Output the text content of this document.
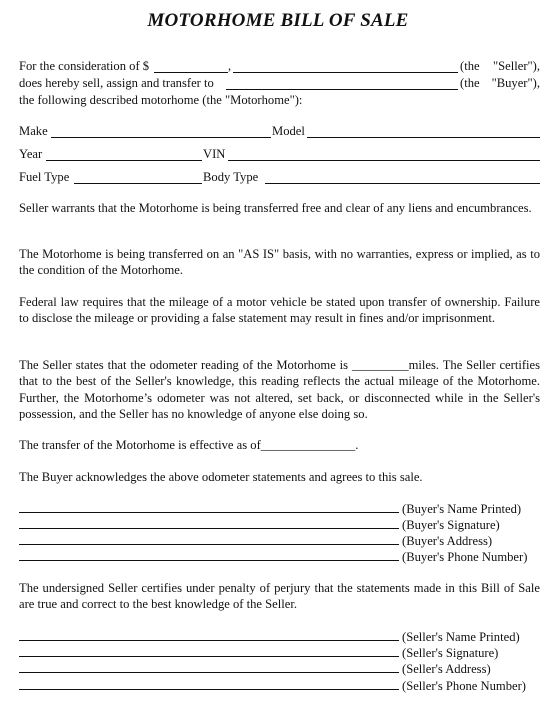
MOTORHOME BILL OF SALE
For the consideration of $	,	(the "Seller"),
does hereby sell, assign and transfer to	(the "Buyer"),
the following described motorhome (the "Motorhome"):
Make	Model
Year	VIN
Fuel Type	Body Type

Seller warrants that the Motorhome is being transferred free and clear of any liens and encumbrances.

The Motorhome is being transferred on an "AS IS" basis, with no warranties, express or implied, as to the condition of the Motorhome.

Federal law requires that the mileage of a motor vehicle be stated upon transfer of ownership. Failure to disclose the mileage or providing a false statement may result in fines and/or imprisonment.

The Seller states that the odometer reading of the Motorhome is _________miles. The Seller certifies that to the best of the Seller's knowledge, this reading reflects the actual mileage of the Motorhome. Further, the Motorhome’s odometer was not altered, set back, or disconnected while in the Seller's possession, and the Seller has no knowledge of anyone else doing so.

The transfer of the Motorhome is effective as of_______________.

The Buyer acknowledges the above odometer statements and agrees to this sale.

(Buyer's Name Printed)
(Buyer's Signature)
(Buyer's Address)
(Buyer's Phone Number)

The undersigned Seller certifies under penalty of perjury that the statements made in this Bill of Sale are true and correct to the best knowledge of the Seller.

(Seller's Name Printed)
(Seller's Signature)
(Seller's Address)
(Seller's Phone Number)
